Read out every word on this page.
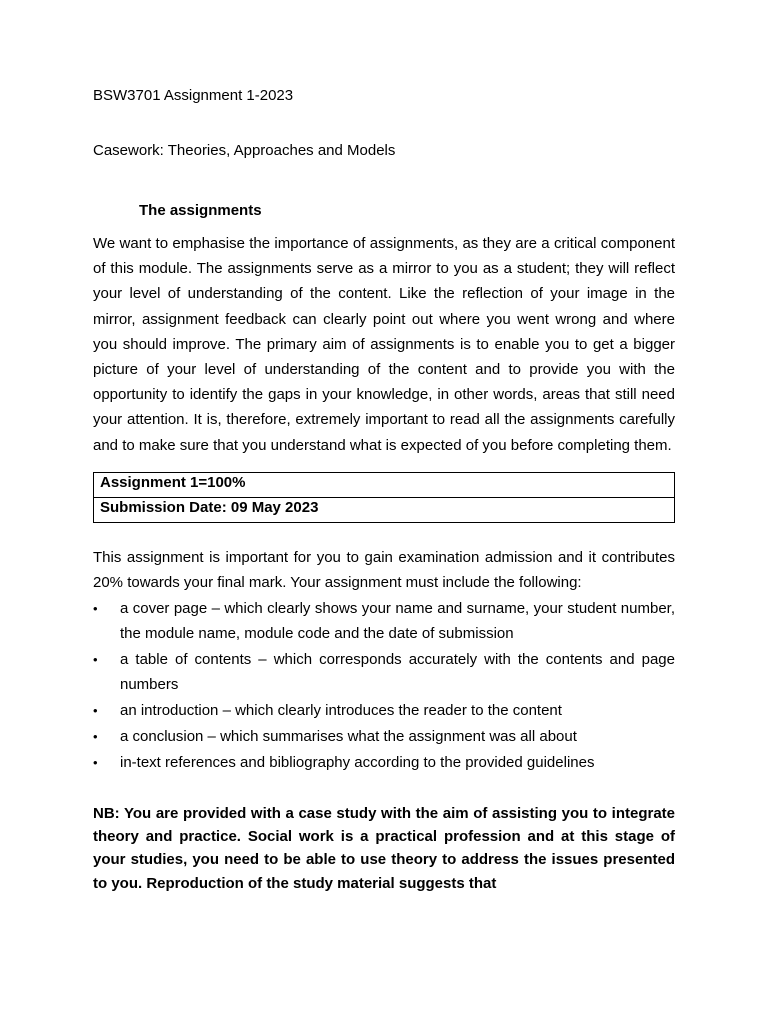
BSW3701 Assignment 1-2023

Casework: Theories, Approaches and Models

The assignments

We want to emphasise the importance of assignments, as they are a critical component of this module. The assignments serve as a mirror to you as a student; they will reflect your level of understanding of the content. Like the reflection of your image in the mirror, assignment feedback can clearly point out where you went wrong and where you should improve. The primary aim of assignments is to enable you to get a bigger picture of your level of understanding of the content and to provide you with the opportunity to identify the gaps in your knowledge, in other words, areas that still need your attention. It is, therefore, extremely important to read all the assignments carefully and to make sure that you understand what is expected of you before completing them.

Assignment 1=100%
Submission Date: 09 May 2023

This assignment is important for you to gain examination admission and it contributes 20% towards your final mark. Your assignment must include the following:

• a cover page – which clearly shows your name and surname, your student number, the module name, module code and the date of submission
• a table of contents – which corresponds accurately with the contents and page numbers
• an introduction – which clearly introduces the reader to the content
• a conclusion – which summarises what the assignment was all about
• in-text references and bibliography according to the provided guidelines

NB: You are provided with a case study with the aim of assisting you to integrate theory and practice. Social work is a practical profession and at this stage of your studies, you need to be able to use theory to address the issues presented to you. Reproduction of the study material suggests that
